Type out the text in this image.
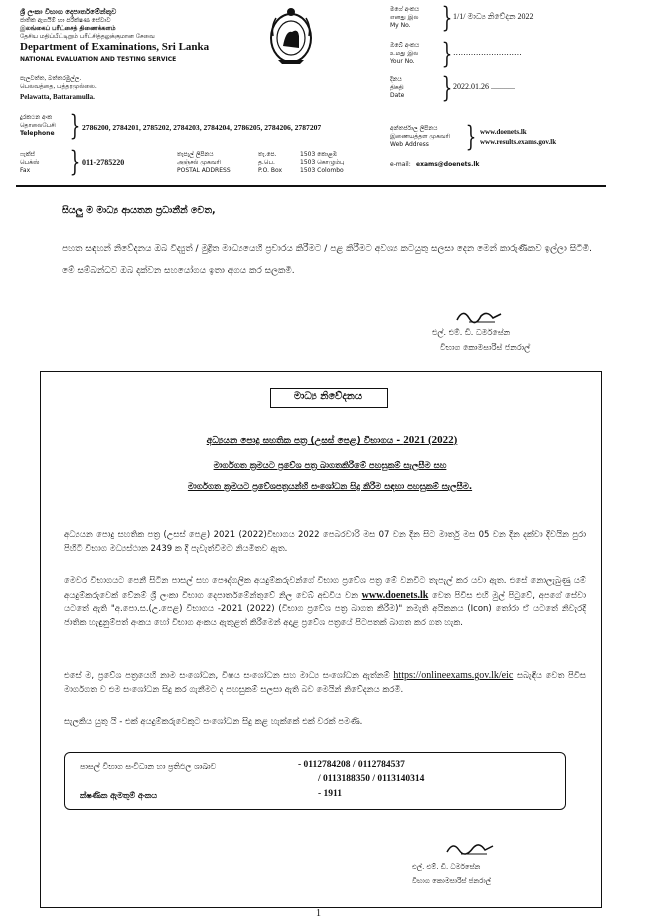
ශ්‍රී ලංකා විභාග දෙපාර්තමේන්තුව
ජාතික ඇගයීම් හා පරීක්ෂණ සේවාව
இலங்கைப் பரீட்சைத் திணைக்களம்
தேசிய மதிப்பீட்டிறும் பரீட்சித்தலுக்குமான சேவை
Department of Examinations, Sri Lanka
NATIONAL EVALUATION AND TESTING SERVICE
පැලවත්ත, බත්තරමුල්ල.
பெலவத்தை, பத்தரமுல்லை.
Pelawatta, Battaramulla.
මගේ අංකය
எனது இல
My No. } 1/1/ මාධ්‍ය නිවේදන 2022
ඔබේ අංකය
உமது இல
Your No. } ...........................
දිනය
திகதி
Date } 2022.01.26 ............
දුරකථන අංක
தொலைபேசி
Telephone } 2786200, 2784201, 2785202, 2784203, 2784204, 2786205, 2784206, 2787207
ෆැක්ස්
பெக்ஸ்
Fax } 011-2785220
තැපැල් ලිපිනය
அஞ்சல் முகவரி
POSTAL ADDRESS
තැ.පෙ.
த.பெ.
P.O. Box
1503 කොළඹ
1503 கொழும்பு
1503 Colombo
අන්තර්ජාල ලිපිනය
இணையத்தள முகவரி
Web Address } www.doenets.lk
www.results.exams.gov.lk
e-mail: exams@doenets.lk
සියලු ම මාධ්‍ය ආයතන ප්‍රධානීන් වෙත,
පහත සඳහන් නිවේදනය ඔබ විද්‍යුත් / මුද්‍රිත මාධ්‍යයෙහි ප්‍රචාරය කිරීමට / පළ කිරීමට අවශ්‍ය කටයුතු සලසා දෙන මෙන් කාරුණිකව ඉල්ලා සිටිමි. මේ සම්බන්ධව ඔබ දක්වන සහයෝගය ඉතා අගය කර සලකමි.
එල්. එම්. ඩී. ධර්මසේන
විභාග කොමසාරිස් ජනරාල්
මාධ්‍ය නිවේදනය
අධ්‍යයන පොදු සහතික පත්‍ර (උසස් පෙළ) විභාගය - 2021 (2022)
මාර්ගගත ක්‍රමයට ප්‍රවේශ පත්‍ර බාගතකිරීමේ පහසුකම් සැලසීම සහ
මාර්ගගත ක්‍රමයට ප්‍රවේශපත්‍රයන්හි සංශෝධන සිදු කිරීම සඳහා පහසුකම් සැලසීම.
අධ්‍යයන පොදු සහතික පත්‍ර (උසස් පෙළ) 2021 (2022)විභාගය 2022 පෙබරවාරි මස 07 වන දින සිට මාර්තු මස 05 වන දින දක්වා දිවයින පුරා පිහිටි විභාග මධ්‍යස්ථාන 2439 ක දී පැවැත්වීමට නියමිතව ඇත.
මෙවර විභාගයට පෙනී සිටින පාසල් සහ පෞද්ගලික අයදුම්කරුවන්ගේ විභාග ප්‍රවේශ පත්‍ර මේ වනවිට තැපැල් කර යවා ඇත. එසේ නොලැබුණු යම් අයදුම්කරුවෙක් වේනම් ශ්‍රී ලංකා විභාග දෙපාර්තමේන්තුවේ නිල වෙබ් අඩවිය වන www.doenets.lk වෙත පිවිස එහි මුල් පිටුවේ, අපගේ සේවා යටතේ ඇති "අ.පො.ස.(උ.පෙළ) විභාගය -2021 (2022) (විභාග ප්‍රවේශ පත්‍ර බාගත කිරීම)" නමැති අයිකනය (Icon) තෝරා ඒ යටතේ නිවැරදි ජාතික හැඳුනුම්පත් අංකය හෝ විභාග අංකය ඇතුළත් කිරීමෙන් අදාළ ප්‍රවේශ පත්‍රයේ පිටපතක් බාගත කර ගත හැක.
එසේ ම, ප්‍රවේශ පත්‍රයෙහි නාම සංශෝධන, විෂය සංශෝධන සහ මාධ්‍ය සංශෝධන ඇත්නම් https://onlineexams.gov.lk/eic සබැඳිය වෙත පිවිස මාර්ගගත ව එම සංශෝධන සිදු කර ගැනීමට ද පහසුකම් සලසා ඇති බව මෙයින් නිවේදනය කරමි.
සැලකිය යුතු යි - එක් අයදුම්කරුවෙකුට සංශෝධන සිදු කළ හැක්කේ එක් වරක් පමණි.
පාසල් විභාග සංවිධාන හා ප්‍රතිඵල ශාඛාව	- 0112784208 / 0112784537
/ 0113188350 / 0113140314
ක්ෂණික ඇමතුම් අංකය	- 1911
එල්. එම්. ඩී. ධර්මසේන
විභාග කොමසාරිස් ජනරාල්
1
